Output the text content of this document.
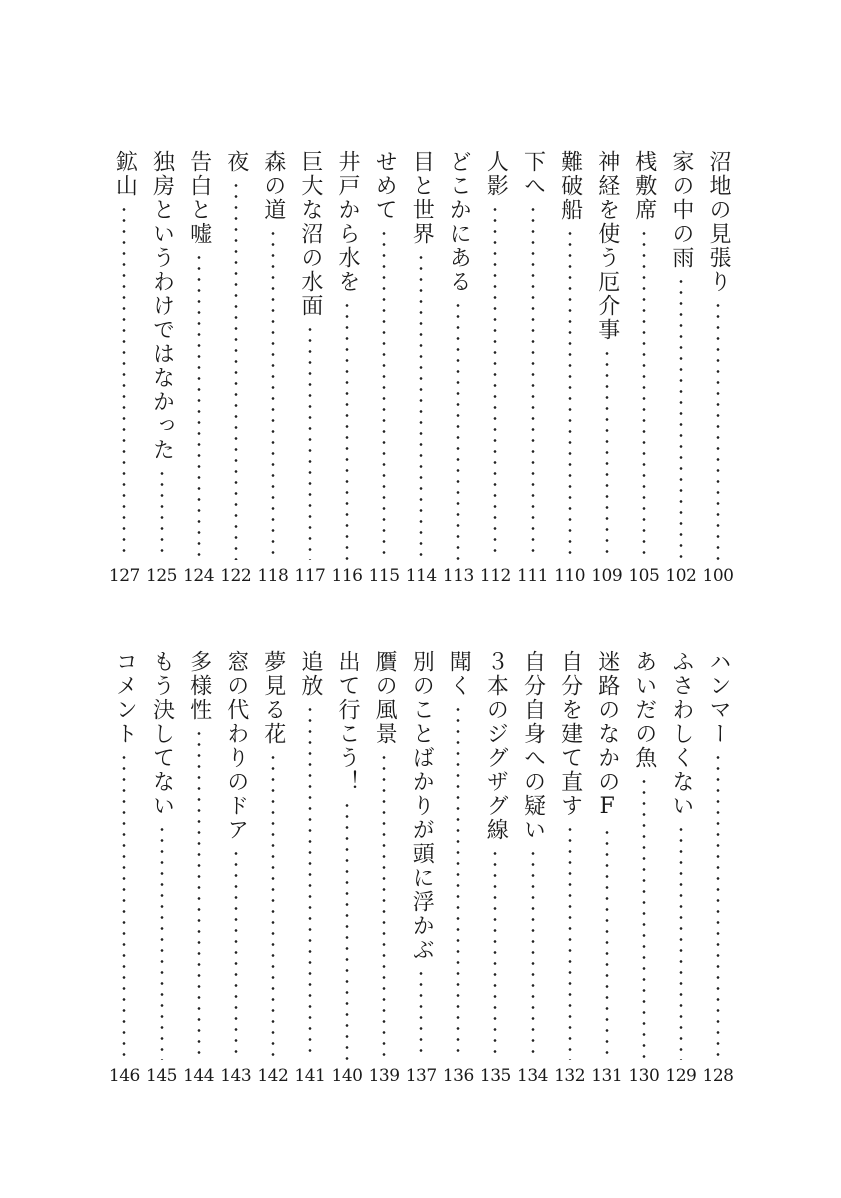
沼地の見張り
100
家の中の雨
102
桟敷席
105
神経を使う厄介事
109
難破船
110
下へ
111
人影
112
どこかにある
113
目と世界
114
せめて
115
井戸から水を
116
巨大な沼の水面
117
森の道
118
夜
122
告白と嘘
124
独房というわけではなかった
125
鉱山
127
ハンマー
128
ふさわしくない
129
あいだの魚
130
迷路のなかのF
131
自分を建て直す
132
自分自身への疑い
134
３本のジグザグ線
135
聞く
136
別のことばかりが頭に浮かぶ
137
贋の風景
139
出て行こう！
140
追放
141
夢見る花
142
窓の代わりのドア
143
多様性
144
もう決してない
145
コメント
146
